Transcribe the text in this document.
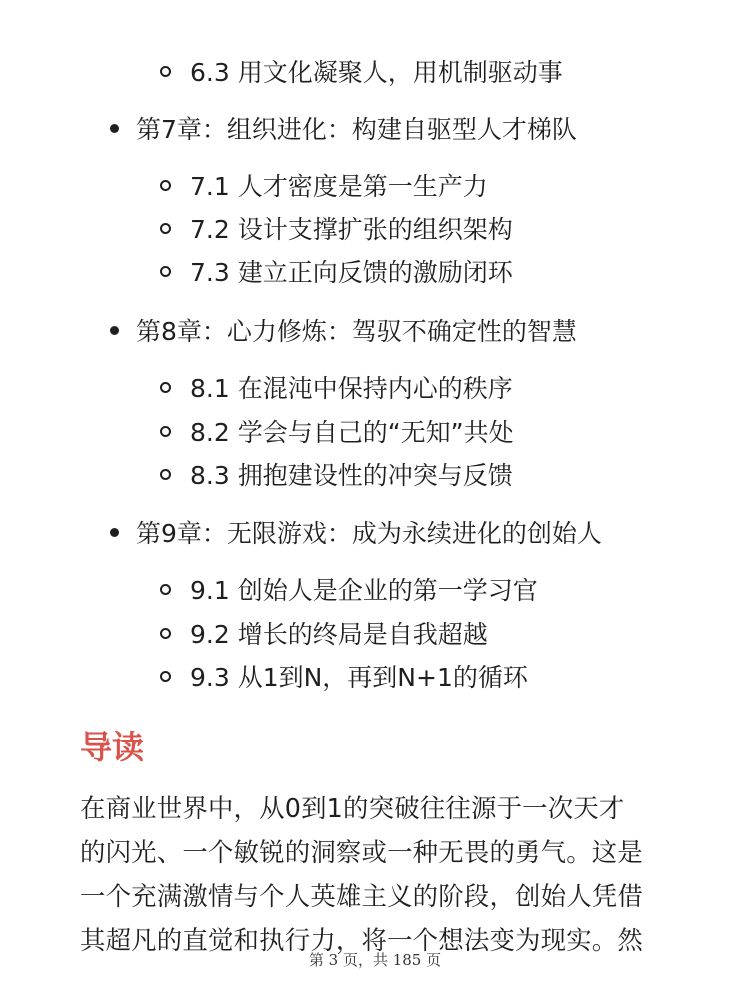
6.3 用文化凝聚人，用机制驱动事
第7章：组织进化：构建自驱型人才梯队
7.1 人才密度是第一生产力
7.2 设计支撑扩张的组织架构
7.3 建立正向反馈的激励闭环
第8章：心力修炼：驾驭不确定性的智慧
8.1 在混沌中保持内心的秩序
8.2 学会与自己的“无知”共处
8.3 拥抱建设性的冲突与反馈
第9章：无限游戏：成为永续进化的创始人
9.1 创始人是企业的第一学习官
9.2 增长的终局是自我超越
9.3 从1到N，再到N+1的循环
导读
在商业世界中，从0到1的突破往往源于一次天才
的闪光、一个敏锐的洞察或一种无畏的勇气。这是
一个充满激情与个人英雄主义的阶段，创始人凭借
其超凡的直觉和执行力，将一个想法变为现实。然
第 3 页，共 185 页
